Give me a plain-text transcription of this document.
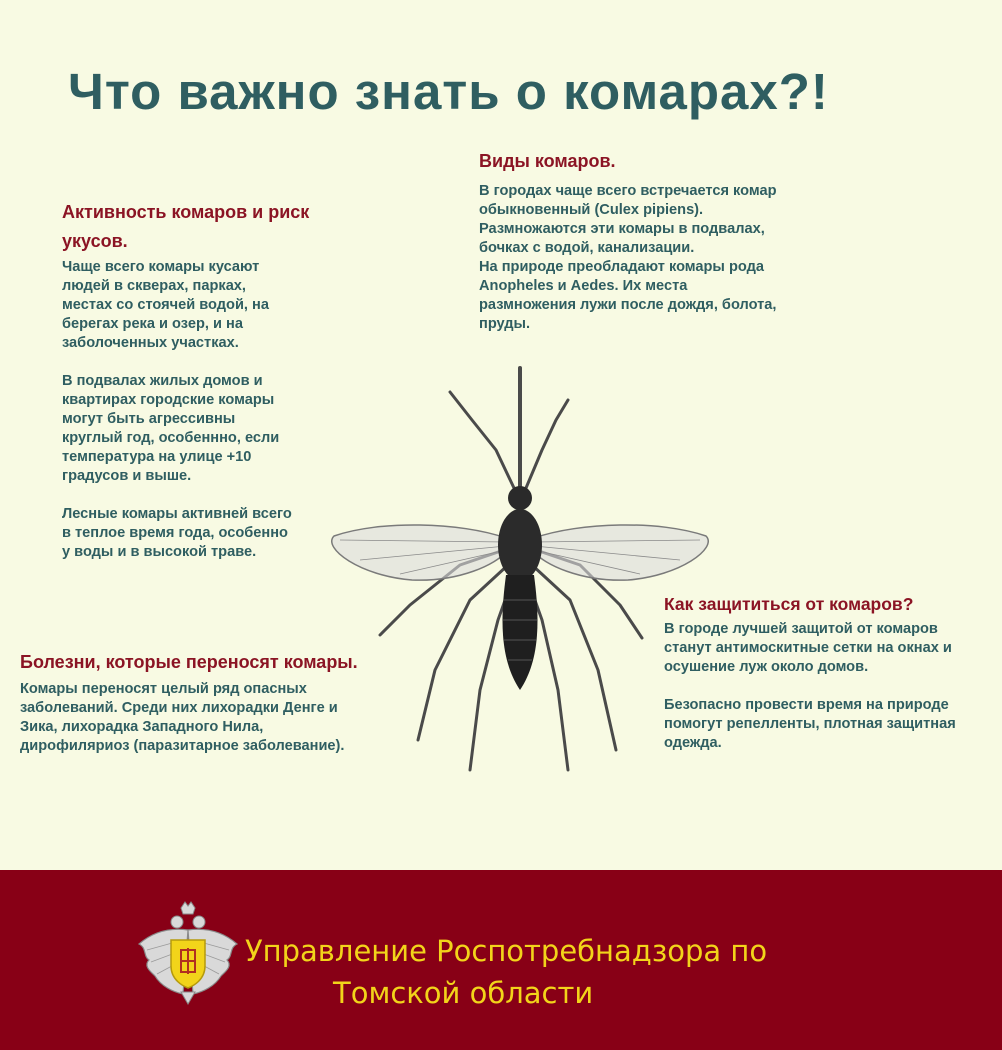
Что важно знать о комарах?!
Виды комаров.

В городах чаще всего встречается комар
обыкновенный (Culex pipiens).
Размножаются эти комары в подвалах,
бочках с водой, канализации.
На природе преобладают комары рода
Anopheles и Aedes. Их места
размножения лужи после дождя, болота,
пруды.

Активность комаров и риск укусов.

Чаще всего комары кусают
людей в скверах, парках,
местах со стоячей водой, на
берегах река и озер, и на
заболоченных участках.

В подвалах жилых домов и
квартирах городские комары
могут быть агрессивны
круглый год, особеннно, если
температура на улице +10
градусов и выше.

Лесные комары активней всего
в теплое время года, особенно
у воды и в высокой траве.

Как защититься от комаров?

В городе лучшей защитой от комаров
станут антимоскитные сетки на окнах и
осушение луж около домов.

Безопасно провести время на природе
помогут репелленты, плотная защитная
одежда.

Болезни, которые переносят комары.

Комары переносят целый ряд опасных
заболеваний. Среди них лихорадки Денге и
Зика, лихорадка Западного Нила,
дирофиляриоз (паразитарное заболевание).

Управление Роспотребнадзора по
Томской области
